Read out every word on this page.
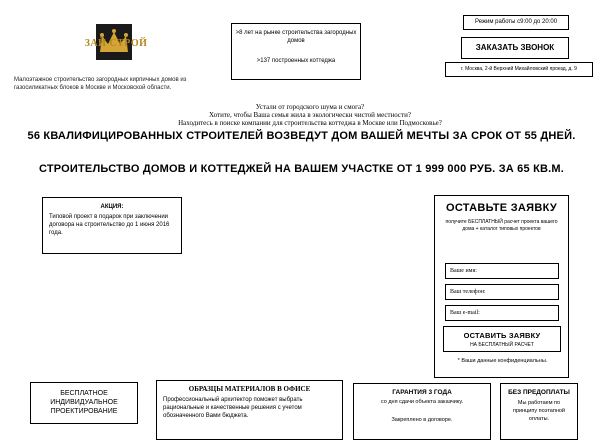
ЗАЙ СТРОЙ
Малоэтажное строительство загородных кирпичных домов из газосиликатных блоков в Москве и Московской области.
>8 лет на рынке строительства загородных домов
>137 построенных коттеджа
Режим работы с9:00 до 20:00
ЗАКАЗАТЬ ЗВОНОК
г. Москва, 2-й Верхний Михайловский проезд, д. 9
Устали от городского шума и смога?
Хотите, чтобы Ваша семья жила в экологически чистой местности?
Находитесь в поиске компании для строительства коттеджа в Москве или Подмосковье?
56 КВАЛИФИЦИРОВАННЫХ СТРОИТЕЛЕЙ ВОЗВЕДУТ ДОМ ВАШЕЙ МЕЧТЫ ЗА СРОК ОТ 55 ДНЕЙ.
СТРОИТЕЛЬСТВО ДОМОВ И КОТТЕДЖЕЙ НА ВАШЕМ УЧАСТКЕ ОТ 1 999 000 РУБ. ЗА 65 КВ.М.
АКЦИЯ:
Типовой проект в подарок при заключении договора на строительство до 1 июня 2016 года.
ОСТАВЬТЕ ЗАЯВКУ
получите БЕСПЛАТНЫЙ расчет проекта вашего дома + каталог типовых проектов
Ваше имя:
Ваш телефон:
Ваш e-mail:
ОСТАВИТЬ ЗАЯВКУ
НА БЕСПЛАТНЫЙ РАСЧЕТ
* Ваши данные конфиденциальны.
БЕСПЛАТНОЕ ИНДИВИДУАЛЬНОЕ ПРОЕКТИРОВАНИЕ
ОБРАЗЦЫ МАТЕРИАЛОВ В ОФИСЕ
Профессиональный архитектор поможет выбрать рациональные и качественные решения с учетом обозначенного Вами бюджета.
ГАРАНТИЯ 3 ГОДА
со дня сдачи объекта заказчику.
Закреплено в договоре.
БЕЗ ПРЕДОПЛАТЫ
Мы работаем по принципу поэтапной оплаты.
